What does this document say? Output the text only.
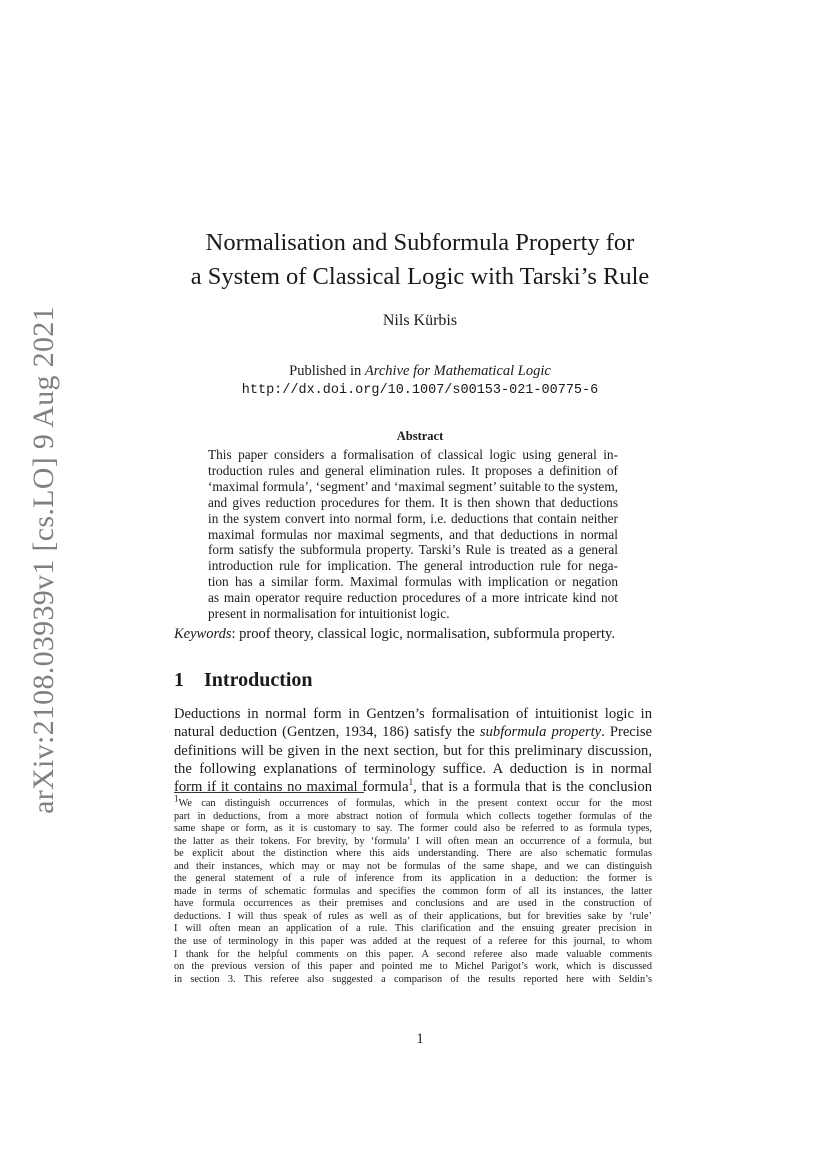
arXiv:2108.03939v1 [cs.LO] 9 Aug 2021
Normalisation and Subformula Property for
a System of Classical Logic with Tarski’s Rule
Nils Kürbis
Published in Archive for Mathematical Logic
http://dx.doi.org/10.1007/s00153-021-00775-6
Abstract
This paper considers a formalisation of classical logic using general in-
troduction rules and general elimination rules. It proposes a definition of
‘maximal formula’, ‘segment’ and ‘maximal segment’ suitable to the system,
and gives reduction procedures for them. It is then shown that deductions
in the system convert into normal form, i.e. deductions that contain neither
maximal formulas nor maximal segments, and that deductions in normal
form satisfy the subformula property. Tarski’s Rule is treated as a general
introduction rule for implication. The general introduction rule for nega-
tion has a similar form. Maximal formulas with implication or negation
as main operator require reduction procedures of a more intricate kind not
present in normalisation for intuitionist logic.
Keywords: proof theory, classical logic, normalisation, subformula property.
1 Introduction
Deductions in normal form in Gentzen’s formalisation of intuitionist logic in
natural deduction (Gentzen, 1934, 186) satisfy the subformula property. Precise
definitions will be given in the next section, but for this preliminary discussion,
the following explanations of terminology suffice. A deduction is in normal
form if it contains no maximal formula$^1$, that is a formula that is the conclusion
$^1$We can distinguish occurrences of formulas, which in the present context occur for the most
part in deductions, from a more abstract notion of formula which collects together formulas of the
same shape or form, as it is customary to say. The former could also be referred to as formula types,
the latter as their tokens. For brevity, by ‘formula’ I will often mean an occurrence of a formula, but
be explicit about the distinction where this aids understanding. There are also schematic formulas
and their instances, which may or may not be formulas of the same shape, and we can distinguish
the general statement of a rule of inference from its application in a deduction: the former is
made in terms of schematic formulas and specifies the common form of all its instances, the latter
have formula occurrences as their premises and conclusions and are used in the construction of
deductions. I will thus speak of rules as well as of their applications, but for brevities sake by ‘rule’
I will often mean an application of a rule. This clarification and the ensuing greater precision in
the use of terminology in this paper was added at the request of a referee for this journal, to whom
I thank for the helpful comments on this paper. A second referee also made valuable comments
on the previous version of this paper and pointed me to Michel Parigot’s work, which is discussed
in section 3. This referee also suggested a comparison of the results reported here with Seldin’s
1
